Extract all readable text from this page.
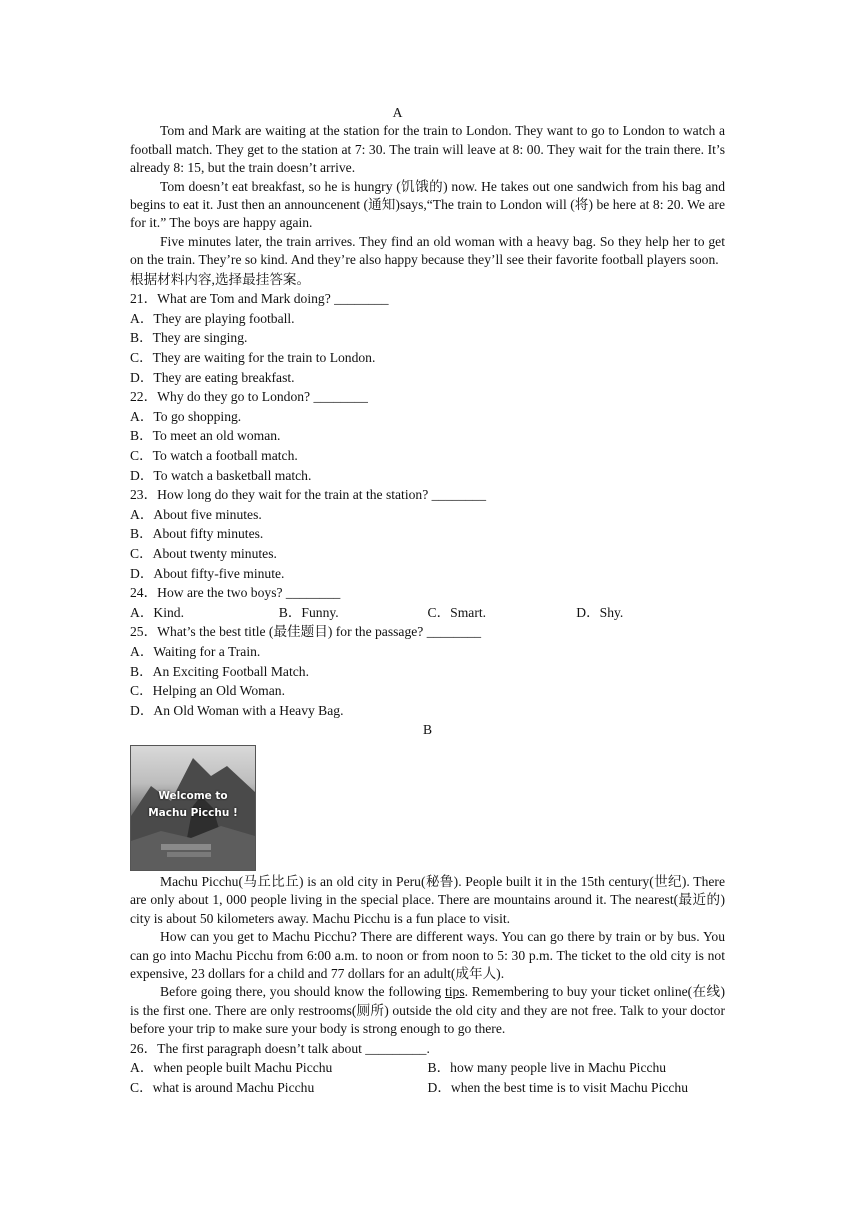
A

Tom and Mark are waiting at the station for the train to London. They want to go to London to watch a football match. They get to the station at 7: 30. The train will leave at 8: 00. They wait for the train there. It’s already 8: 15, but the train doesn’t arrive.

Tom doesn’t eat breakfast, so he is hungry (饥饿的) now. He takes out one sandwich from his bag and begins to eat it. Just then an announcenent (通知)says,“The train to London will (将) be here at 8: 20. We are for it.” The boys are happy again.

Five minutes later, the train arrives. They find an old woman with a heavy bag. So they help her to get on the train. They’re so kind. And they’re also happy because they’ll see their favorite football players soon.

根据材料内容,选择最挂答案。
21．What are Tom and Mark doing? ________
A．They are playing football.
B．They are singing.
C．They are waiting for the train to London.
D．They are eating breakfast.
22．Why do they go to London? ________
A．To go shopping.
B．To meet an old woman.
C．To watch a football match.
D．To watch a basketball match.
23．How long do they wait for the train at the station? ________
A．About five minutes.
B．About fifty minutes.
C．About twenty minutes.
D．About fifty-five minute.
24．How are the two boys? ________
A．Kind.	B．Funny.	C．Smart.	D．Shy.
25．What’s the best title (最佳题目) for the passage? ________
A．Waiting for a Train.
B．An Exciting Football Match.
C．Helping an Old Woman.
D．An Old Woman with a Heavy Bag.
B
Welcome to
Machu Picchu !

Machu Picchu(马丘比丘) is an old city in Peru(秘鲁). People built it in the 15th century(世纪). There are only about 1, 000 people living in the special place. There are mountains around it. The nearest(最近的) city is about 50 kilometers away. Machu Picchu is a fun place to visit.

How can you get to Machu Picchu? There are different ways. You can go there by train or by bus. You can go into Machu Picchu from 6:00 a.m. to noon or from noon to 5: 30 p.m. The ticket to the old city is not expensive, 23 dollars for a child and 77 dollars for an adult(成年人).

Before going there, you should know the following tips. Remembering to buy your ticket online(在线) is the first one. There are only restrooms(厕所) outside the old city and they are not free. Talk to your doctor before your trip to make sure your body is strong enough to go there.

26．The first paragraph doesn’t talk about _________.
A．when people built Machu Picchu	B．how many people live in Machu Picchu
C．what is around Machu Picchu	D．when the best time is to visit Machu Picchu
